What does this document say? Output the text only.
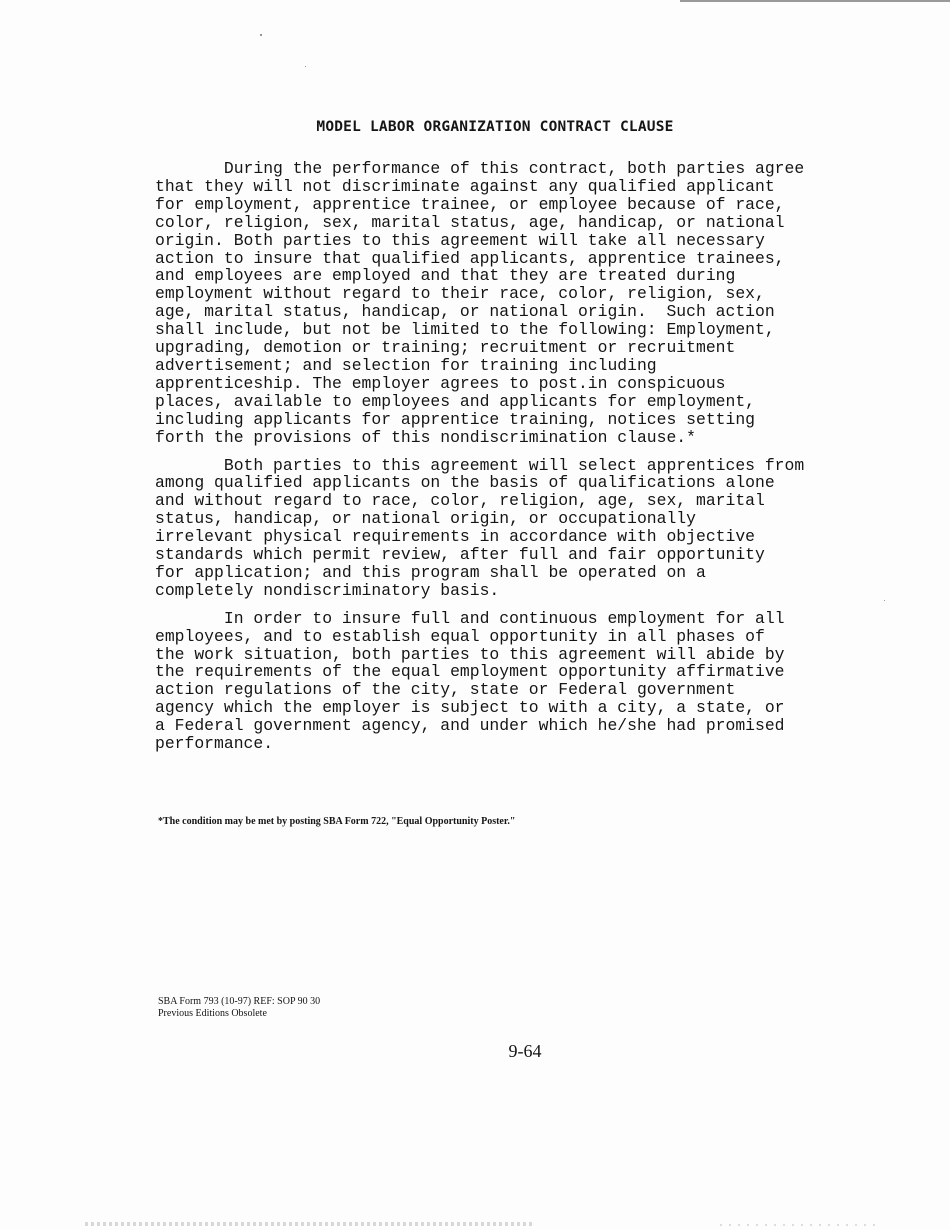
MODEL LABOR ORGANIZATION CONTRACT CLAUSE

During the performance of this contract, both parties agree
that they will not discriminate against any qualified applicant
for employment, apprentice trainee, or employee because of race,
color, religion, sex, marital status, age, handicap, or national
origin. Both parties to this agreement will take all necessary
action to insure that qualified applicants, apprentice trainees,
and employees are employed and that they are treated during
employment without regard to their race, color, religion, sex,
age, marital status, handicap, or national origin.  Such action
shall include, but not be limited to the following: Employment,
upgrading, demotion or training; recruitment or recruitment
advertisement; and selection for training including
apprenticeship. The employer agrees to post.in conspicuous
places, available to employees and applicants for employment,
including applicants for apprentice training, notices setting
forth the provisions of this nondiscrimination clause.*

Both parties to this agreement will select apprentices from
among qualified applicants on the basis of qualifications alone
and without regard to race, color, religion, age, sex, marital
status, handicap, or national origin, or occupationally
irrelevant physical requirements in accordance with objective
standards which permit review, after full and fair opportunity
for application; and this program shall be operated on a
completely nondiscriminatory basis.

In order to insure full and continuous employment for all
employees, and to establish equal opportunity in all phases of
the work situation, both parties to this agreement will abide by
the requirements of the equal employment opportunity affirmative
action regulations of the city, state or Federal government
agency which the employer is subject to with a city, a state, or
a Federal government agency, and under which he/she had promised
performance.

*The condition may be met by posting SBA Form 722, "Equal Opportunity Poster."

SBA Form 793 (10-97) REF: SOP 90 30
Previous Editions Obsolete
9-64
